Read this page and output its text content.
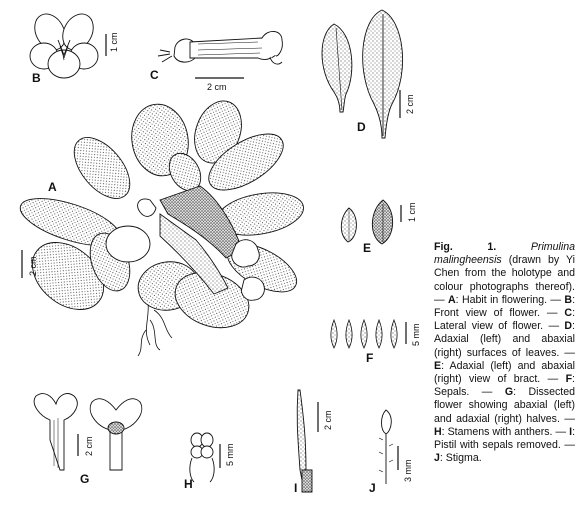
B
1 cm
C
2 cm
D
2 cm
A
2 cm
E
1 cm
F
5 mm
G
2 cm
H
5 mm
I
2 cm
J
3 mm
Fig. 1.	Primulina malingheensis (drawn by Yi Chen from the holotype and colour photographs thereof). — A: Habit in flowering. — B: Front view of flower. — C: Lateral view of flower. — D: Adaxial (left) and abaxial (right) surfaces of leaves. — E: Adaxial (left) and abaxial (right) view of bract. — F: Sepals. — G: Dissected flower showing abaxial (left) and adaxial (right) halves. — H: Stamens with anthers. — I: Pistil with sepals removed. — J: Stigma.
